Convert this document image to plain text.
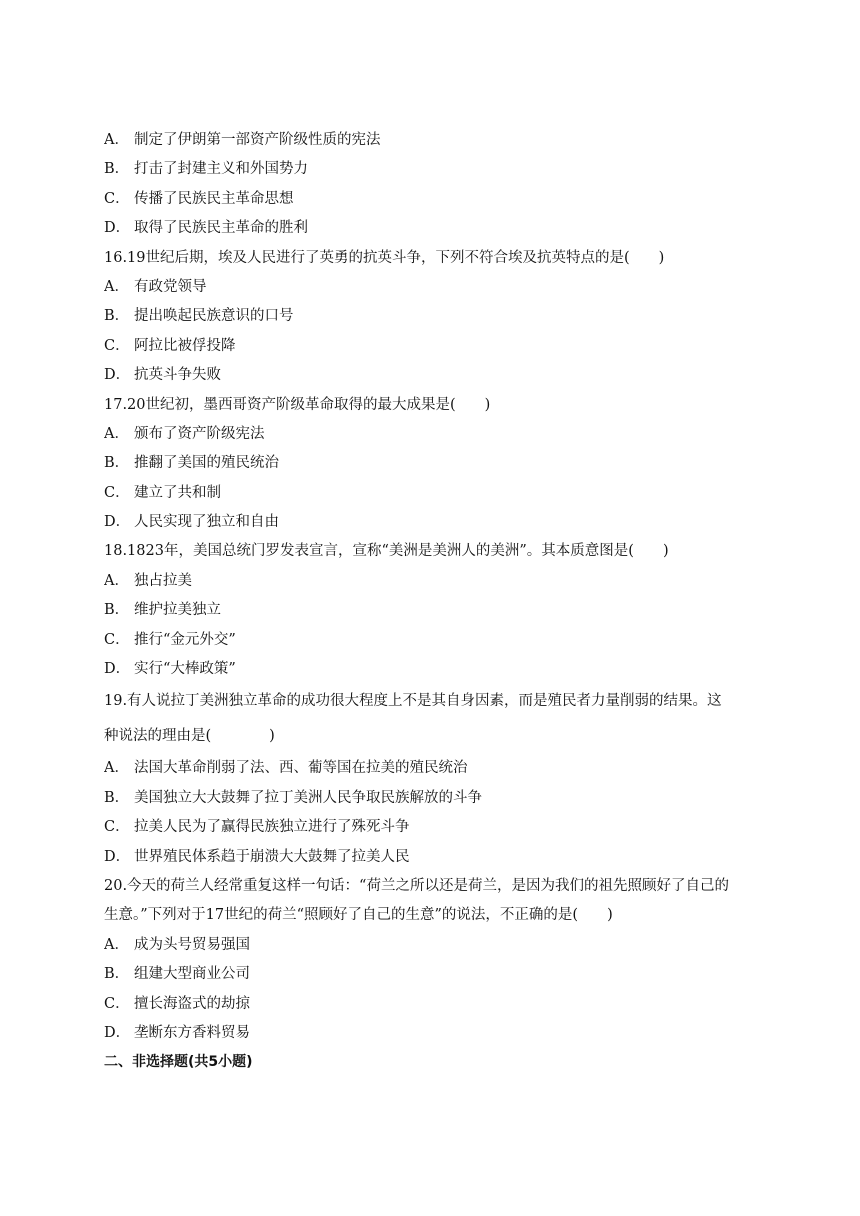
A． 制定了伊朗第一部资产阶级性质的宪法
B． 打击了封建主义和外国势力
C． 传播了民族民主革命思想
D． 取得了民族民主革命的胜利
16.19世纪后期，埃及人民进行了英勇的抗英斗争，下列不符合埃及抗英特点的是(　　)
A． 有政党领导
B． 提出唤起民族意识的口号
C． 阿拉比被俘投降
D． 抗英斗争失败
17.20世纪初，墨西哥资产阶级革命取得的最大成果是(　　)
A． 颁布了资产阶级宪法
B． 推翻了美国的殖民统治
C． 建立了共和制
D． 人民实现了独立和自由
18.1823年，美国总统门罗发表宣言，宣称“美洲是美洲人的美洲”。其本质意图是(　　)
A． 独占拉美
B． 维护拉美独立
C． 推行“金元外交”
D． 实行“大棒政策”
19.有人说拉丁美洲独立革命的成功很大程度上不是其自身因素，而是殖民者力量削弱的结果。这
种说法的理由是(　　　　)
A． 法国大革命削弱了法、西、葡等国在拉美的殖民统治
B． 美国独立大大鼓舞了拉丁美洲人民争取民族解放的斗争
C． 拉美人民为了赢得民族独立进行了殊死斗争
D． 世界殖民体系趋于崩溃大大鼓舞了拉美人民
20.今天的荷兰人经常重复这样一句话：“荷兰之所以还是荷兰，是因为我们的祖先照顾好了自己的
生意。”下列对于17世纪的荷兰“照顾好了自己的生意”的说法，不正确的是(　　)
A． 成为头号贸易强国
B． 组建大型商业公司
C． 擅长海盗式的劫掠
D． 垄断东方香料贸易
二、非选择题(共5小题)
